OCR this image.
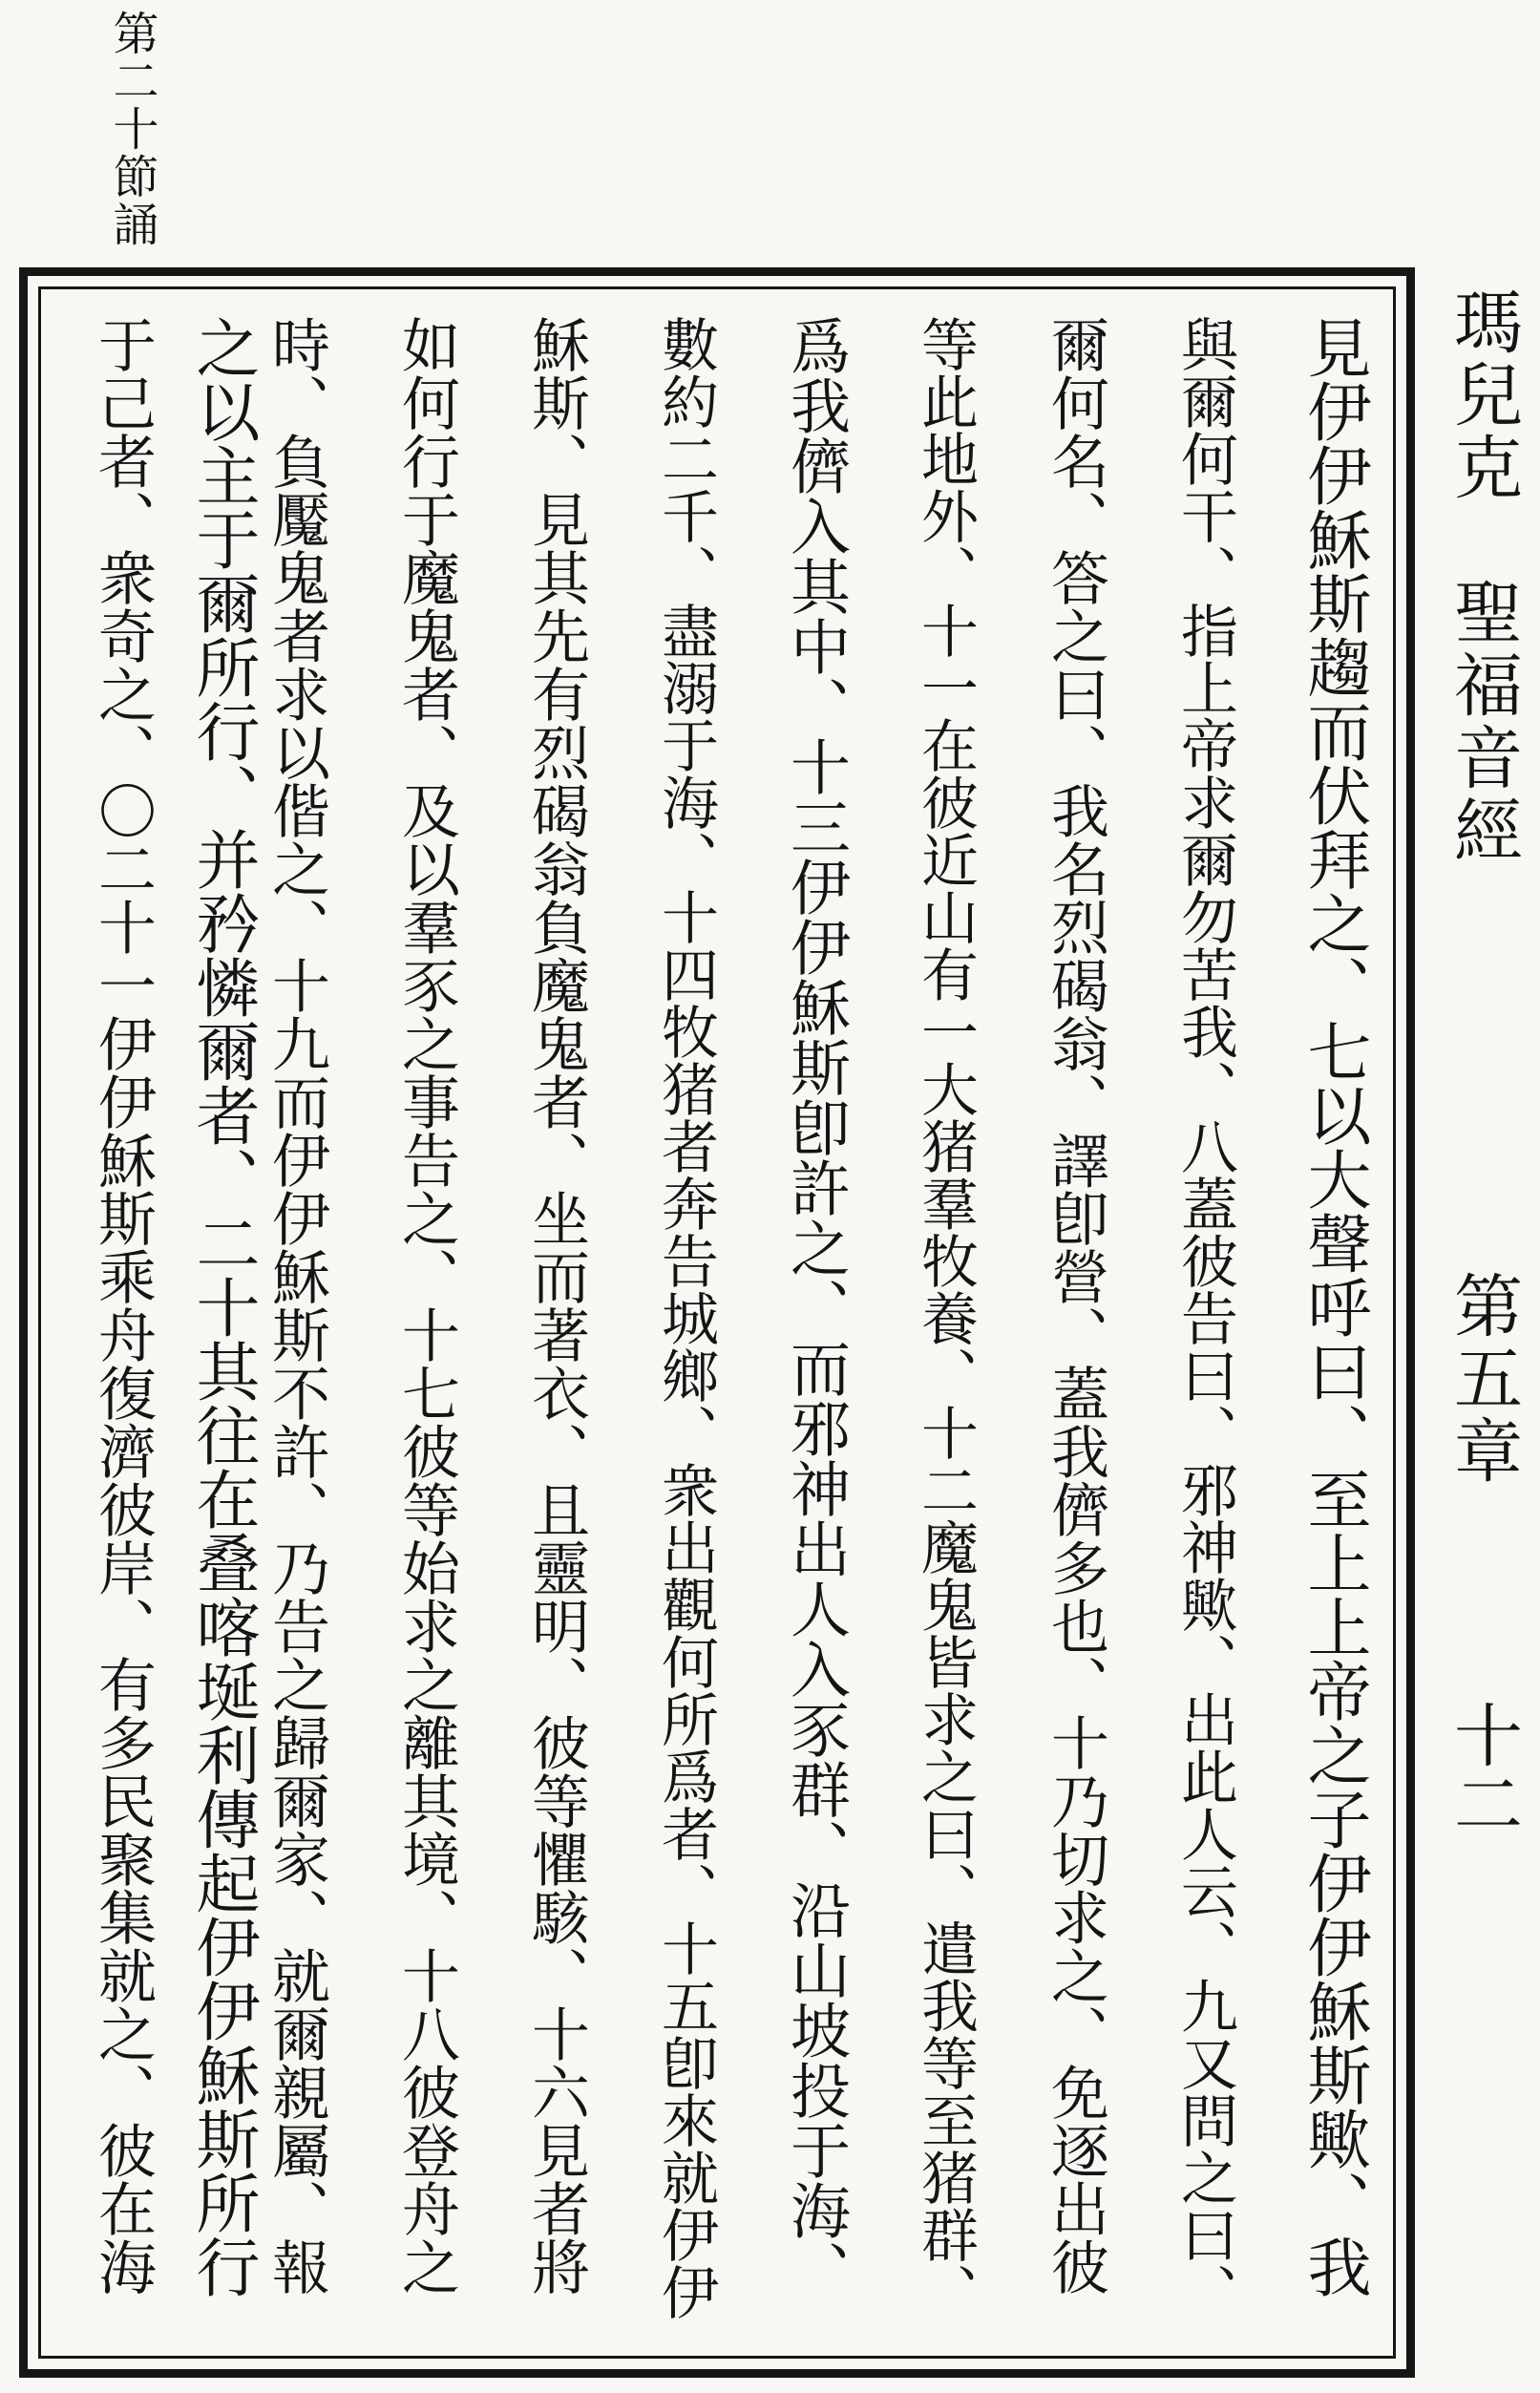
第二十節誦
瑪兒克　聖福音經
第五章
十二
見伊伊穌斯趨而伏拜之、七以大聲呼曰、至上上帝之子伊伊穌斯歟、我
與爾何干、指上帝求爾勿苦我、八蓋彼告曰、邪神歟、出此人云、九又問之曰、
爾何名、答之曰、我名烈碣翁、譯卽營、蓋我儕多也、十乃切求之、免逐出彼
等此地外、十一在彼近山有一大猪羣牧養、十二魔鬼皆求之曰、遣我等至猪群、
爲我儕入其中、十三伊伊穌斯卽許之、而邪神出人入豕群、沿山坡投于海、
數約二千、盡溺于海、十四牧猪者奔告城鄉、衆出觀何所爲者、十五卽來就伊伊
穌斯、見其先有烈碣翁負魔鬼者、坐而著衣、且靈明、彼等懼駭、十六見者將
如何行于魔鬼者、及以羣豕之事告之、十七彼等始求之離其境、十八彼登舟之
時、負魘鬼者求以偕之、十九而伊伊穌斯不許、乃告之歸爾家、就爾親屬、報
之以主于爾所行、并矜憐爾者、二十其往在叠喀埏利傳起伊伊穌斯所行
于己者、衆奇之、〇二十一伊伊穌斯乘舟復濟彼岸、有多民聚集就之、彼在海
